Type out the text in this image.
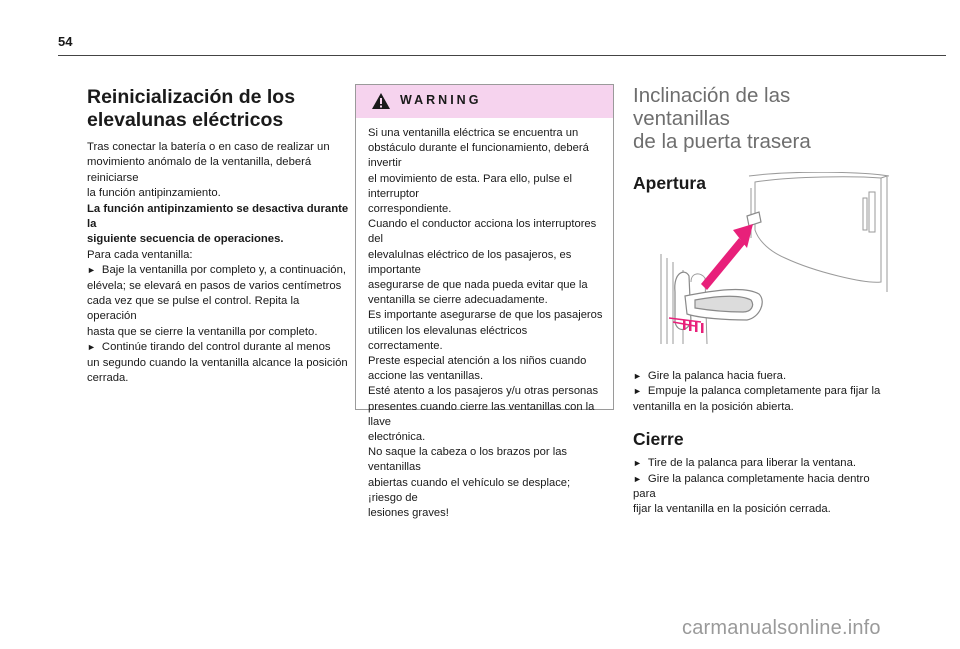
54
Reinicialización de los
elevalunas eléctricos

Tras conectar la batería o en caso de realizar un

movimiento anómalo de la ventanilla, deberá reiniciarse

la función antipinzamiento.

La función antipinzamiento se desactiva durante la

siguiente secuencia de operaciones.

Para cada ventanilla:

► Baje la ventanilla por completo y, a continuación,

elévela; se elevará en pasos de varios centímetros

cada vez que se pulse el control. Repita la operación

hasta que se cierre la ventanilla por completo.

► Continúe tirando del control durante al menos

un segundo cuando la ventanilla alcance la posición

cerrada.

WARNING

Si una ventanilla eléctrica se encuentra un

obstáculo durante el funcionamiento, deberá invertir

el movimiento de esta. Para ello, pulse el interruptor

correspondiente.

Cuando el conductor acciona los interruptores del

elevalulnas eléctrico de los pasajeros, es importante

asegurarse de que nada pueda evitar que la

ventanilla se cierre adecuadamente.

Es importante asegurarse de que los pasajeros

utilicen los elevalunas eléctricos correctamente.

Preste especial atención a los niños cuando

accione las ventanillas.

Esté atento a los pasajeros y/u otras personas

presentes cuando cierre las ventanillas con la llave

electrónica.

No saque la cabeza o los brazos por las ventanillas

abiertas cuando el vehículo se desplace; ¡riesgo de

lesiones graves!

Inclinación de las ventanillas
de la puerta trasera
Apertura

► Gire la palanca hacia fuera.

► Empuje la palanca completamente para fijar la

ventanilla en la posición abierta.

Cierre

► Tire de la palanca para liberar la ventana.

► Gire la palanca completamente hacia dentro para

fijar la ventanilla en la posición cerrada.

carmanualsonline.info
